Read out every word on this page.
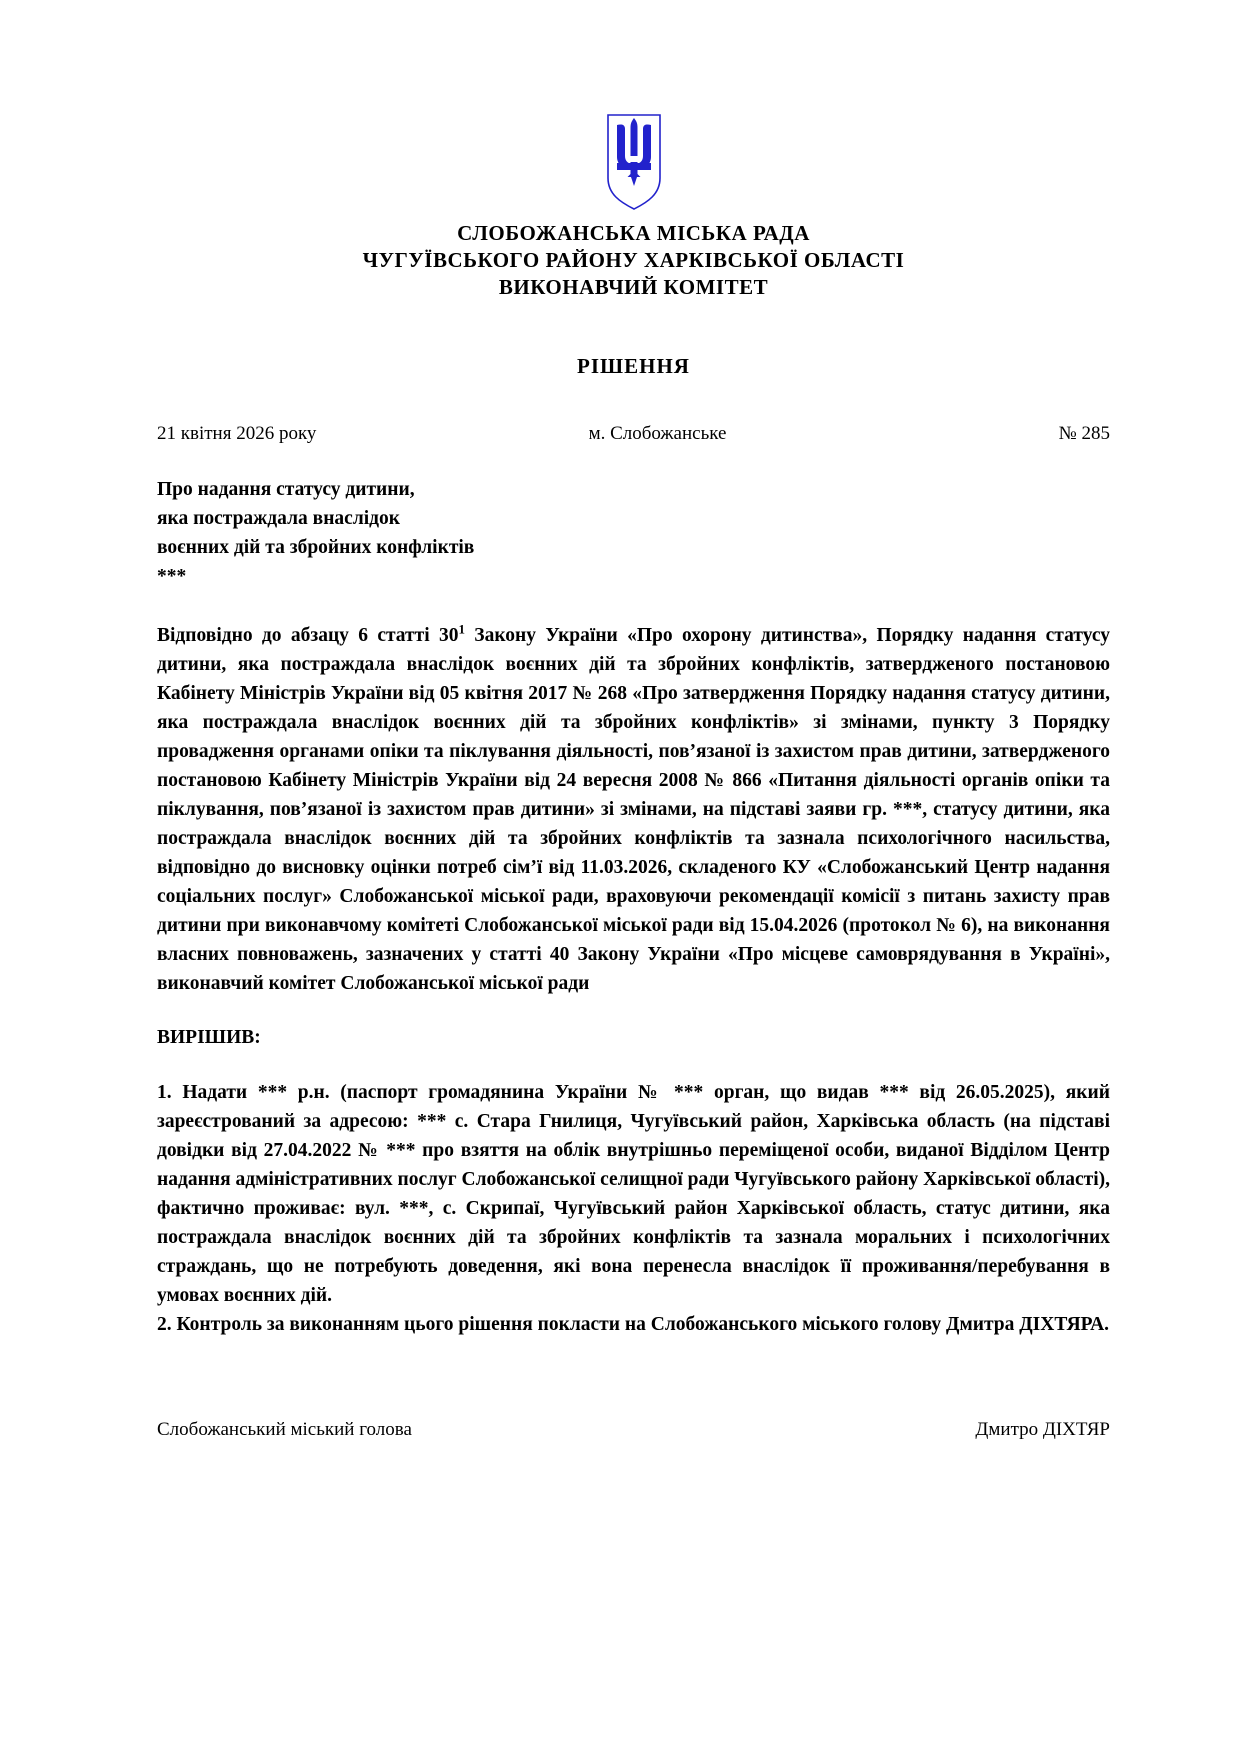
СЛОБОЖАНСЬКА МІСЬКА РАДА
ЧУГУЇВСЬКОГО РАЙОНУ ХАРКІВСЬКОЇ ОБЛАСТІ
ВИКОНАВЧИЙ КОМІТЕТ
РІШЕННЯ
21 квітня 2026 року	м. Слобожанське	№ 285
Про надання статусу дитини,
яка постраждала внаслідок
воєнних дій та збройних конфліктів
***

Відповідно до абзацу 6 статті $30^1$ Закону України «Про охорону дитинства», Порядку надання статусу дитини, яка постраждала внаслідок воєнних дій та збройних конфліктів, затвердженого постановою Кабінету Міністрів України від 05 квітня 2017 № 268 «Про затвердження Порядку надання статусу дитини, яка постраждала внаслідок воєнних дій та збройних конфліктів» зі змінами, пункту 3 Порядку провадження органами опіки та піклування діяльності, пов’язаної із захистом прав дитини, затвердженого постановою Кабінету Міністрів України від 24 вересня 2008 № 866 «Питання діяльності органів опіки та піклування, пов’язаної із захистом прав дитини» зі змінами, на підставі заяви гр. ***, статусу дитини, яка постраждала внаслідок воєнних дій та збройних конфліктів та зазнала психологічного насильства, відповідно до висновку оцінки потреб сім’ї від 11.03.2026, складеного КУ «Слобожанський Центр надання соціальних послуг» Слобожанської міської ради, враховуючи рекомендації комісії з питань захисту прав дитини при виконавчому комітеті Слобожанської міської ради від 15.04.2026 (протокол № 6), на виконання власних повноважень, зазначених у статті 40 Закону України «Про місцеве самоврядування в Україні», виконавчий комітет Слобожанської міської ради

ВИРІШИВ:

1. Надати *** р.н. (паспорт громадянина України № *** орган, що видав *** від 26.05.2025), який зареєстрований за адресою: *** с. Стара Гнилиця, Чугуївський район, Харківська область (на підставі довідки від 27.04.2022 № *** про взяття на облік внутрішньо переміщеної особи, виданої Відділом Центр надання адміністративних послуг Слобожанської селищної ради Чугуївського району Харківської області), фактично проживає: вул. ***, с. Скрипаї, Чугуївський район Харківської область, статус дитини, яка постраждала внаслідок воєнних дій та збройних конфліктів та зазнала моральних і психологічних страждань, що не потребують доведення, які вона перенесла внаслідок її проживання/перебування в умовах воєнних дій.

2. Контроль за виконанням цього рішення покласти на Слобожанського міського голову Дмитра ДІХТЯРА.

Слобожанський міський голова	Дмитро ДІХТЯР
